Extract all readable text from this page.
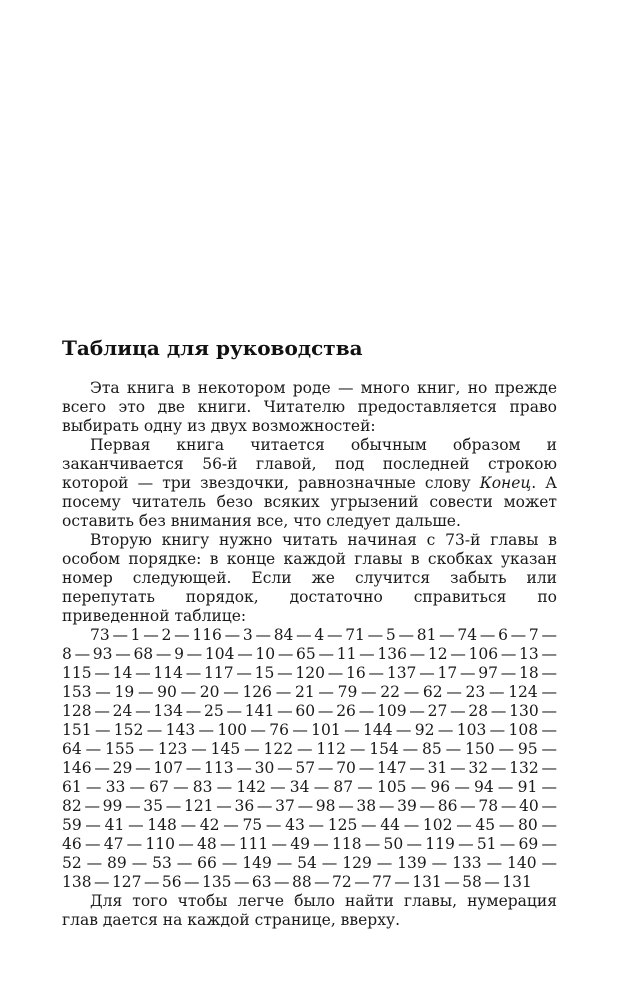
Таблица для руководства

Эта книга в некотором роде — много книг, но прежде всего это две книги. Читателю предоставляется право выбирать одну из двух возможностей:

Первая книга читается обычным образом и заканчивается 56-й главой, под последней строкою которой — три звездочки, равнозначные слову Конец. А посему читатель безо всяких угрызений совести может оставить без внимания все, что следует дальше.

Вторую книгу нужно читать начиная с 73-й главы в особом порядке: в конце каждой главы в скобках указан номер следующей. Если же случится забыть или перепутать порядок, достаточно справиться по приведенной таблице:

73 — 1 — 2 — 116 — 3 — 84 — 4 — 71 — 5 — 81 — 74 — 6 — 7 — 8 — 93 — 68 — 9 — 104 — 10 — 65 — 11 — 136 — 12 — 106 — 13 — 115 — 14 — 114 — 117 — 15 — 120 — 16 — 137 — 17 — 97 — 18 — 153 — 19 — 90 — 20 — 126 — 21 — 79 — 22 — 62 — 23 — 124 — 128 — 24 — 134 — 25 — 141 — 60 — 26 — 109 — 27 — 28 — 130 — 151 — 152 — 143 — 100 — 76 — 101 — 144 — 92 — 103 — 108 — 64 — 155 — 123 — 145 — 122 — 112 — 154 — 85 — 150 — 95 — 146 — 29 — 107 — 113 — 30 — 57 — 70 — 147 — 31 — 32 — 132 — 61 — 33 — 67 — 83 — 142 — 34 — 87 — 105 — 96 — 94 — 91 — 82 — 99 — 35 — 121 — 36 — 37 — 98 — 38 — 39 — 86 — 78 — 40 — 59 — 41 — 148 — 42 — 75 — 43 — 125 — 44 — 102 — 45 — 80 — 46 — 47 — 110 — 48 — 111 — 49 — 118 — 50 — 119 — 51 — 69 — 52 — 89 — 53 — 66 — 149 — 54 — 129 — 139 — 133 — 140 — 138 — 127 — 56 — 135 — 63 — 88 — 72 — 77 — 131 — 58 — 131

Для того чтобы легче было найти главы, нумерация глав дается на каждой странице, вверху.
